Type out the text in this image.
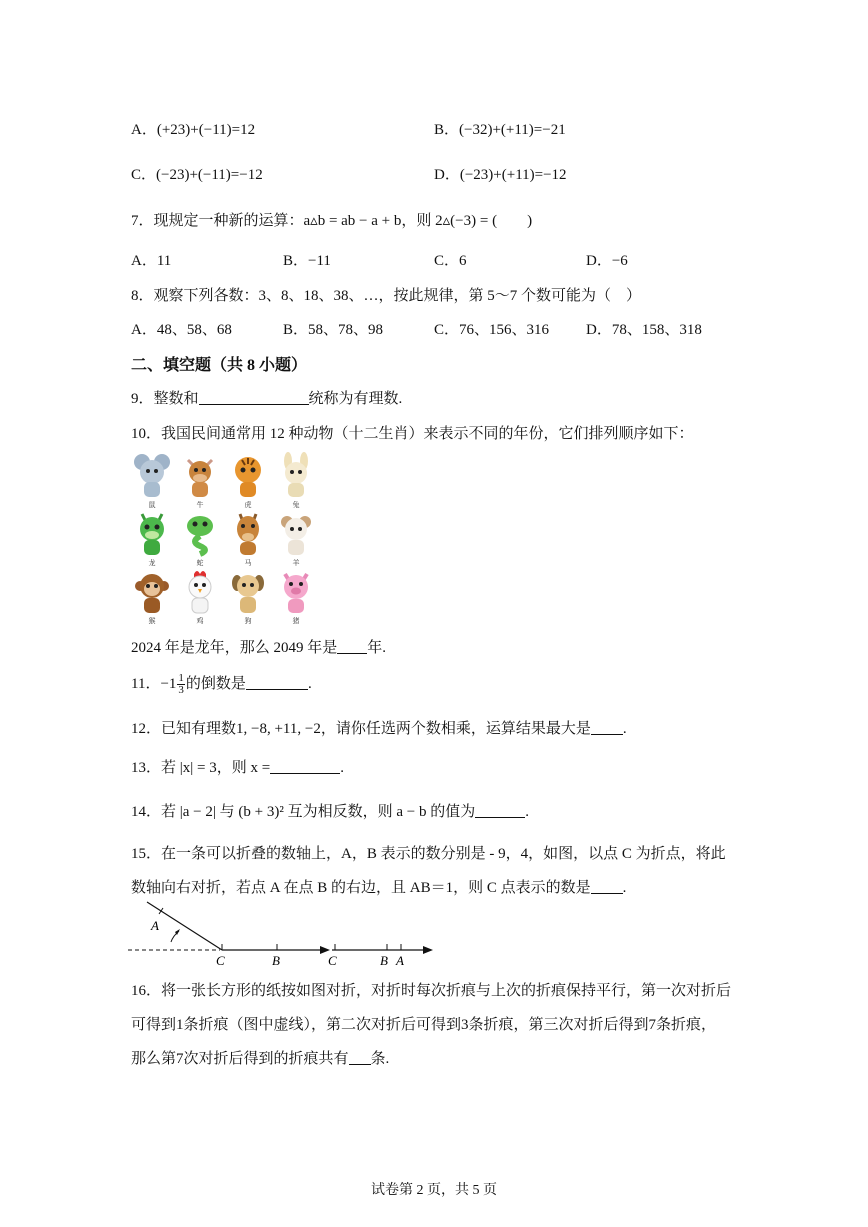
A．(+23)+(−11)=12	B．(−32)+(+11)=−21
C．(−23)+(−11)=−12	D．(−23)+(+11)=−12
7．现规定一种新的运算：a▵b = ab − a + b，则 2▵(−3) = (　　)
A．11	B．−11	C．6	D．−6
8．观察下列各数：3、8、18、38、…，按此规律，第 5～7 个数可能为（　）
A．48、58、68	B．58、78、98	C．76、156、316 D．78、158、318
二、填空题（共 8 小题）
9．整数和	统称为有理数.
10．我国民间通常用 12 种动物（十二生肖）来表示不同的年份，它们排列顺序如下：
鼠	牛	虎	兔
龙	蛇	马	羊
猴	鸡	狗	猪
2024 年是龙年，那么 2049 年是 年.
11．$-1 \frac{1}{3}$ 的倒数是	.
12．已知有理数1, −8, +11, −2，请你任选两个数相乘，运算结果最大是 .
13．若 |x| = 3，则 x =	.
14．若 |a − 2| 与 (b + 3)² 互为相反数，则 a − b 的值为	.
15．在一条可以折叠的数轴上，A，B 表示的数分别是 - 9，4，如图，以点 C 为折点，将此
数轴向右对折，若点 A 在点 B 的右边，且 AB＝1，则 C 点表示的数是 .
A
C	B	C	B A
16．将一张长方形的纸按如图对折，对折时每次折痕与上次的折痕保持平行，第一次对折后
可得到1条折痕（图中虚线），第二次对折后可得到3条折痕，第三次对折后得到7条折痕，
那么第7次对折后得到的折痕共有 条.
试卷第 2 页，共 5 页
